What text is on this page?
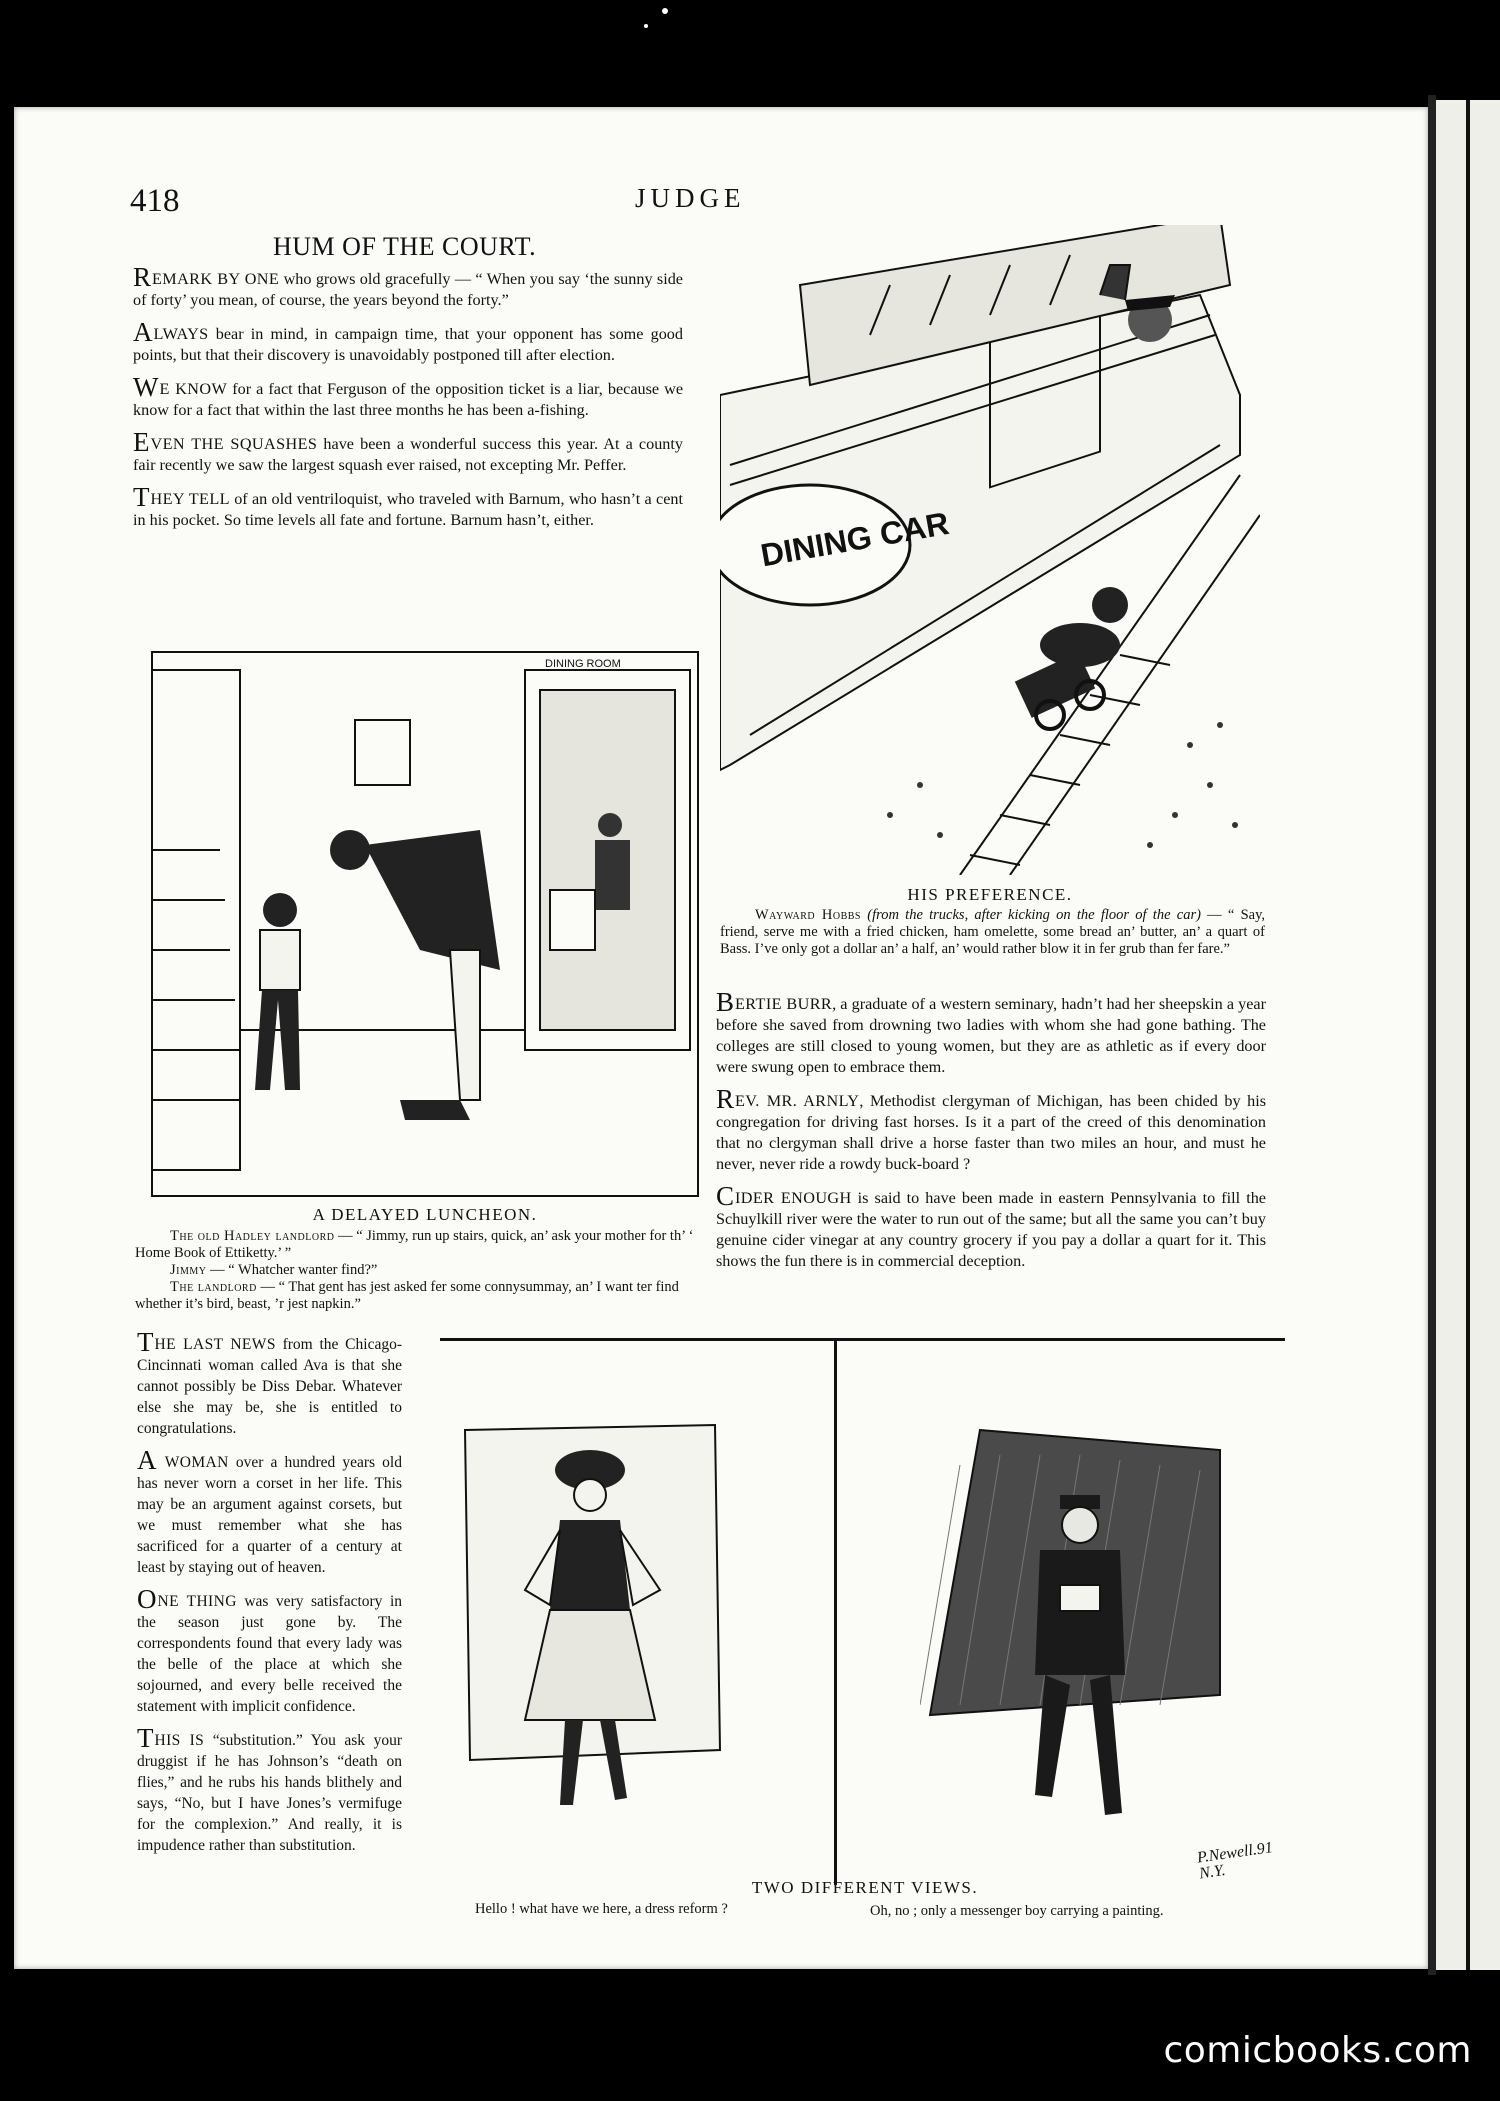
418	JUDGE
HUM OF THE COURT.

REMARK BY ONE who grows old gracefully — “ When you say ‘the sunny side of forty’ you mean, of course, the years beyond the forty.”

ALWAYS bear in mind, in campaign time, that your opponent has some good points, but that their discovery is unavoidably postponed till after election.

WE KNOW for a fact that Ferguson of the opposition ticket is a liar, because we know for a fact that within the last three months he has been a-fishing.

EVEN THE SQUASHES have been a wonderful success this year. At a county fair recently we saw the largest squash ever raised, not excepting Mr. Peffer.

THEY TELL of an old ventriloquist, who traveled with Barnum, who hasn’t a cent in his pocket. So time levels all fate and fortune. Barnum hasn’t, either.	DINING CAR
DINING ROOM
A DELAYED LUNCHEON.
The old Hadley landlord — “ Jimmy, run up stairs, quick, an’ ask your mother for th’ ‘ Home Book of Ettiketty.’ ”
Jimmy — “ Whatcher wanter find?”
The landlord — “ That gent has jest asked fer some connysummay, an’ I want ter find whether it’s bird, beast, ’r jest napkin.”
HIS PREFERENCE.
Wayward Hobbs (from the trucks, after kicking on the floor of the car) — “ Say, friend, serve me with a fried chicken, ham omelette, some bread an’ butter, an’ a quart of Bass. I’ve only got a dollar an’ a half, an’ would rather blow it in fer grub than fer fare.”

BERTIE BURR, a graduate of a western seminary, hadn’t had her sheepskin a year before she saved from drowning two ladies with whom she had gone bathing. The colleges are still closed to young women, but they are as athletic as if every door were swung open to embrace them.

REV. MR. ARNLY, Methodist clergyman of Michigan, has been chided by his congregation for driving fast horses. Is it a part of the creed of this denomination that no clergyman shall drive a horse faster than two miles an hour, and must he never, never ride a rowdy buck-board ?

CIDER ENOUGH is said to have been made in eastern Pennsylvania to fill the Schuylkill river were the water to run out of the same; but all the same you can’t buy genuine cider vinegar at any country grocery if you pay a dollar a quart for it. This shows the fun there is in commercial deception.

THE LAST NEWS from the Chicago-Cincinnati woman called Ava is that she cannot possibly be Diss Debar. Whatever else she may be, she is entitled to congratulations.

A WOMAN over a hundred years old has never worn a corset in her life. This may be an argument against corsets, but we must remember what she has sacrificed for a quarter of a century at least by staying out of heaven.

ONE THING was very satisfactory in the season just gone by. The correspondents found that every lady was the belle of the place at which she sojourned, and every belle received the statement with implicit confidence.

THIS IS “substitution.” You ask your druggist if he has Johnson’s “death on flies,” and he rubs his hands blithely and says, “No, but I have Jones’s vermifuge for the complexion.” And really, it is impudence rather than substitution.	P.Newell.91 N.Y.
TWO DIFFERENT VIEWS.
Hello ! what have we here, a dress reform ?	Oh, no ; only a messenger boy carrying a painting.
comicbooks.com
